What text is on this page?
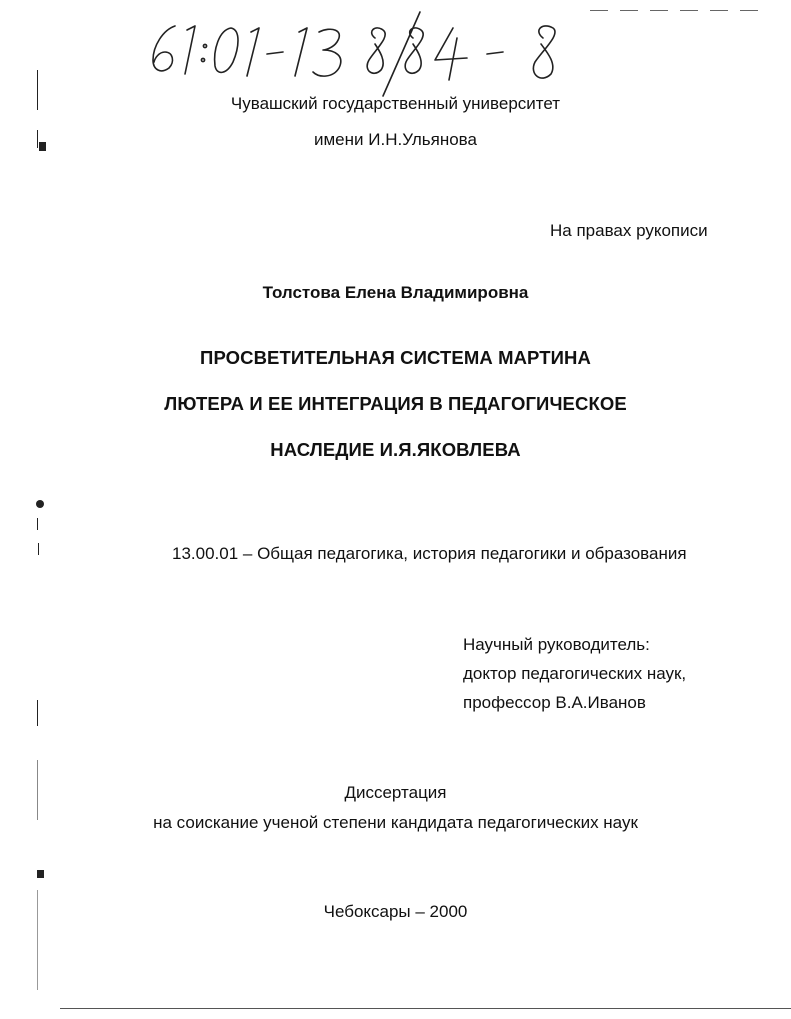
Чувашский государственный университет
имени И.Н.Ульянова
На правах рукописи
Толстова Елена Владимировна
ПРОСВЕТИТЕЛЬНАЯ СИСТЕМА МАРТИНА
ЛЮТЕРА И ЕЕ ИНТЕГРАЦИЯ В ПЕДАГОГИЧЕСКОЕ
НАСЛЕДИЕ И.Я.ЯКОВЛЕВА
13.00.01 – Общая педагогика, история педагогики и образования
Научный руководитель:
доктор педагогических наук,
профессор В.А.Иванов
Диссертация
на соискание ученой степени кандидата педагогических наук
Чебоксары – 2000
